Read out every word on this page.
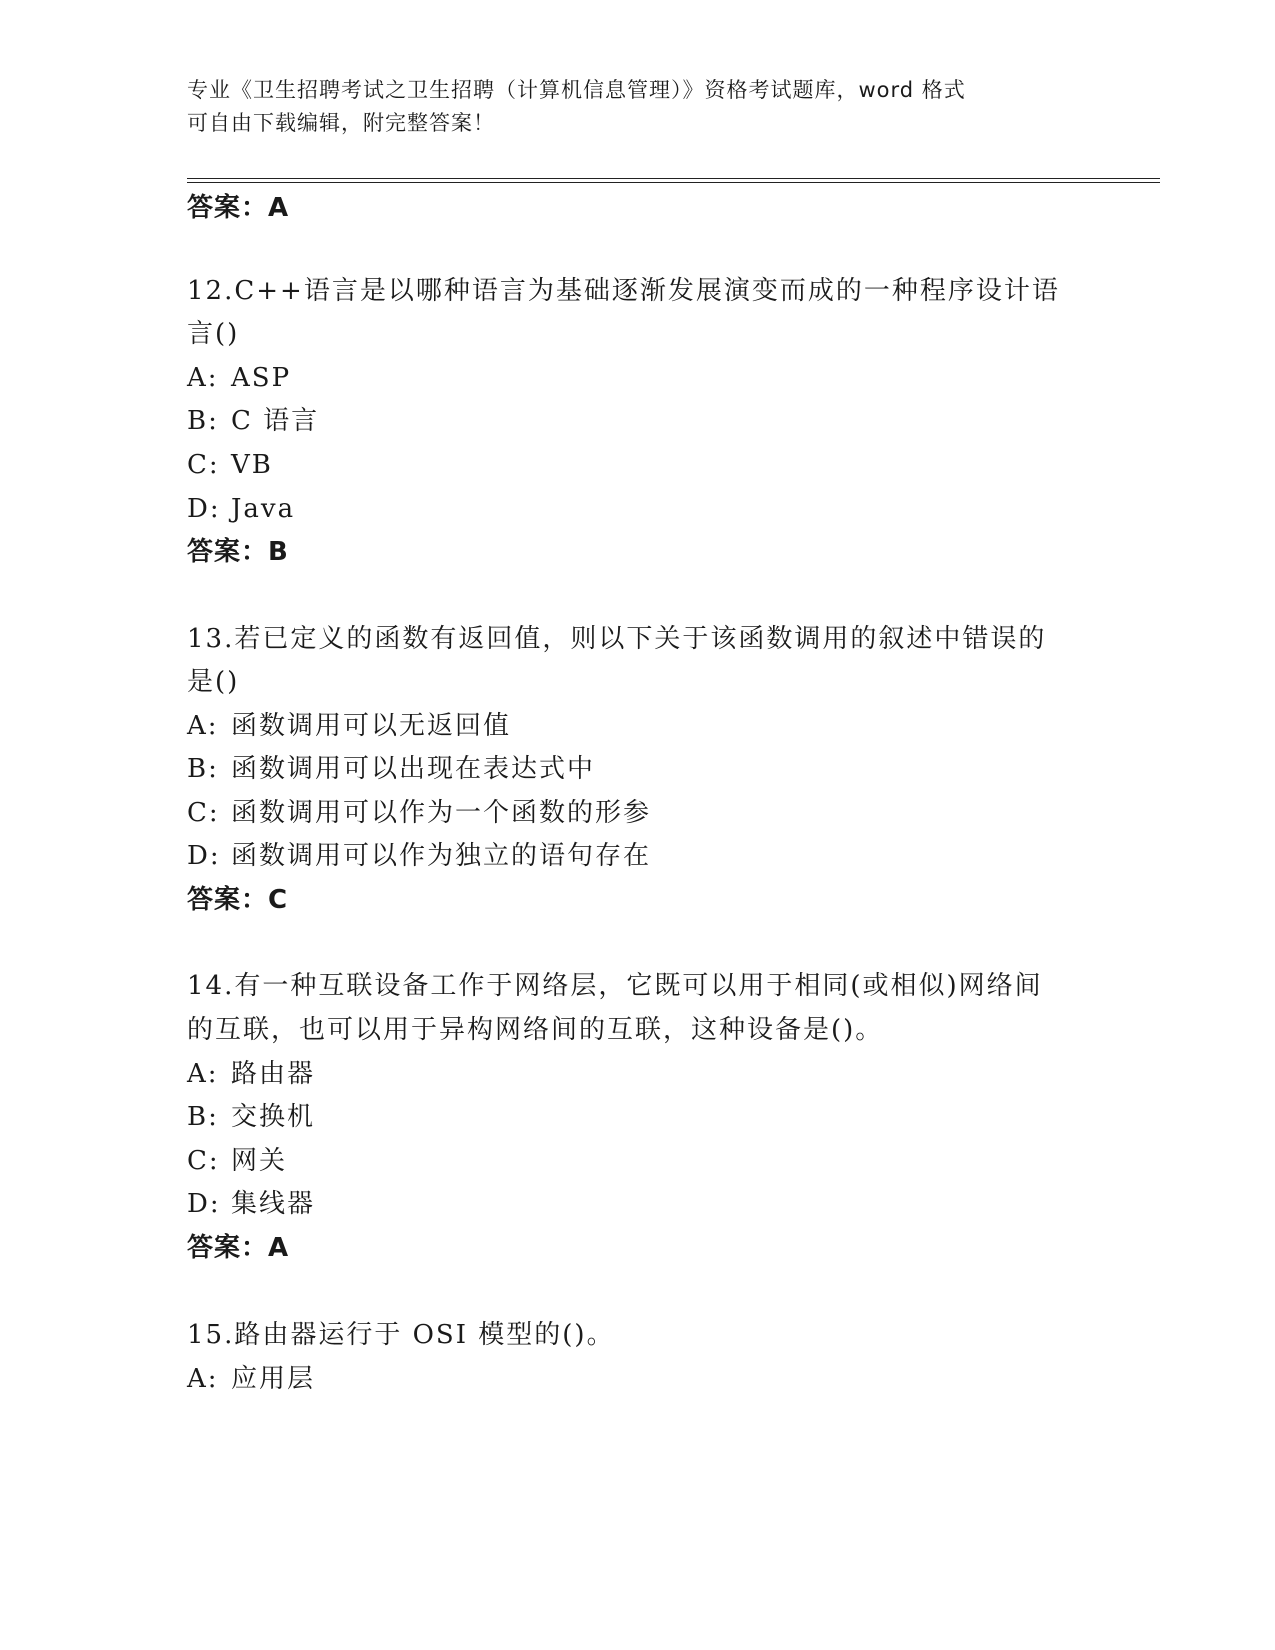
专业《卫生招聘考试之卫生招聘（计算机信息管理）》资格考试题库，word 格式
可自由下载编辑，附完整答案！
答案：A
12.C++语言是以哪种语言为基础逐渐发展演变而成的一种程序设计语
言()
A: ASP
B: C 语言
C: VB
D: Java
答案：B
13.若已定义的函数有返回值，则以下关于该函数调用的叙述中错误的
是()
A: 函数调用可以无返回值
B: 函数调用可以出现在表达式中
C: 函数调用可以作为一个函数的形参
D: 函数调用可以作为独立的语句存在
答案：C
14.有一种互联设备工作于网络层，它既可以用于相同(或相似)网络间
的互联，也可以用于异构网络间的互联，这种设备是()。
A: 路由器
B: 交换机
C: 网关
D: 集线器
答案：A
15.路由器运行于 OSI 模型的()。
A: 应用层
